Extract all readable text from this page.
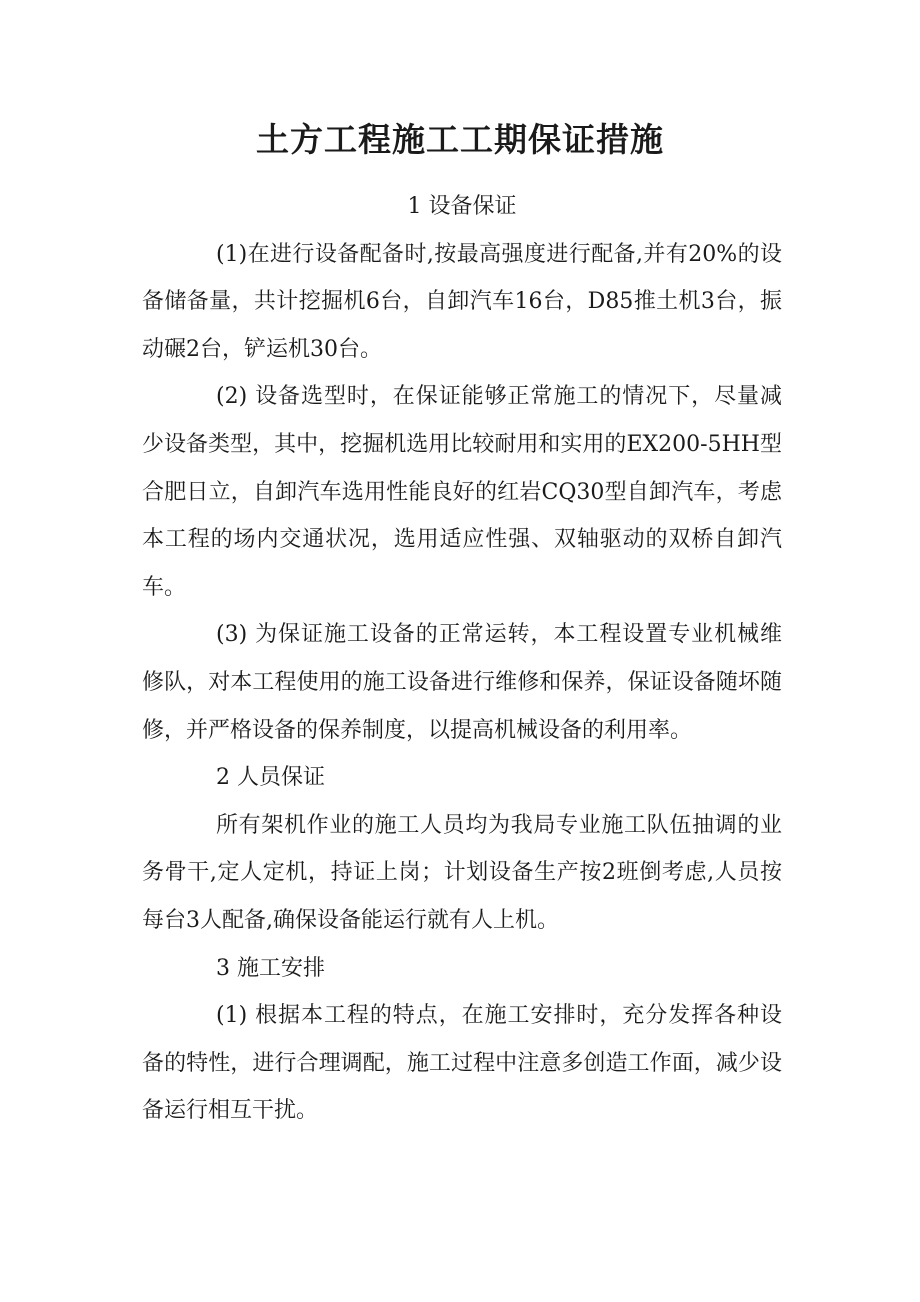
土方工程施工工期保证措施

1 设备保证

(1)在进行设备配备时,按最高强度进行配备,并有20%的设备储备量，共计挖掘机6台，自卸汽车16台，D85推土机3台，振动碾2台，铲运机30台。

(2) 设备选型时，在保证能够正常施工的情况下，尽量减少设备类型，其中，挖掘机选用比较耐用和实用的EX200-5HH型合肥日立，自卸汽车选用性能良好的红岩CQ30型自卸汽车，考虑本工程的场内交通状况，选用适应性强、双轴驱动的双桥自卸汽车。

(3) 为保证施工设备的正常运转，本工程设置专业机械维修队，对本工程使用的施工设备进行维修和保养，保证设备随坏随修，并严格设备的保养制度，以提高机械设备的利用率。

2 人员保证

所有架机作业的施工人员均为我局专业施工队伍抽调的业务骨干,定人定机，持证上岗；计划设备生产按2班倒考虑,人员按每台3人配备,确保设备能运行就有人上机。

3 施工安排

(1) 根据本工程的特点，在施工安排时，充分发挥各种设备的特性，进行合理调配，施工过程中注意多创造工作面，减少设备运行相互干扰。
